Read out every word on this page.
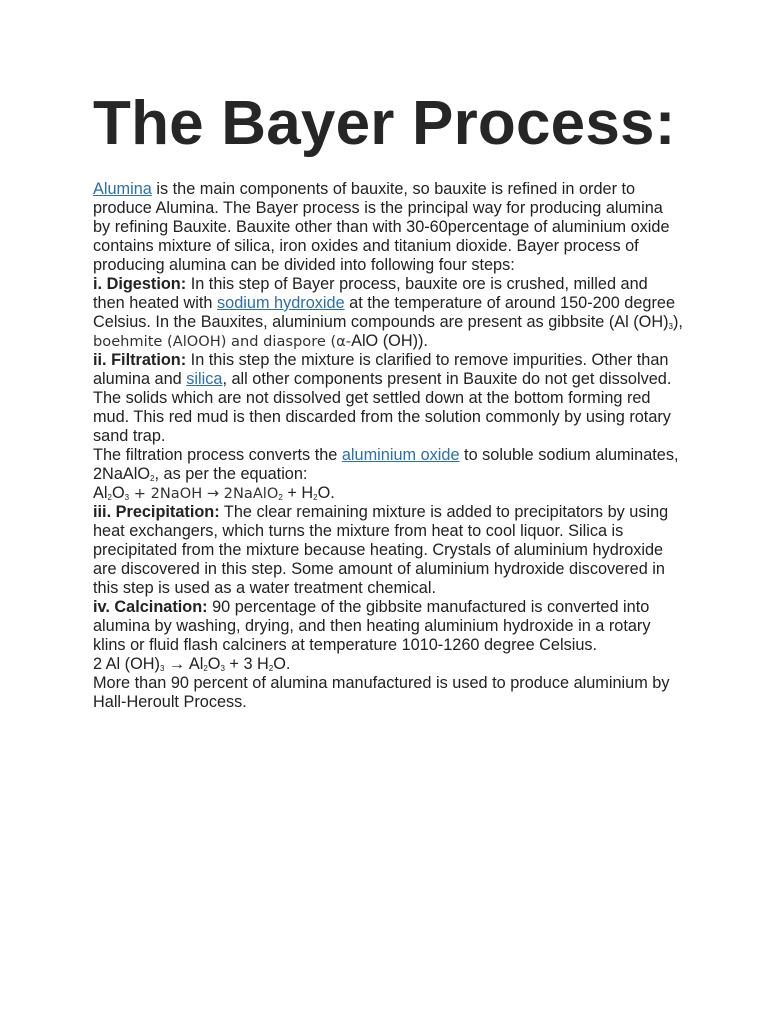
The Bayer Process:

Alumina is the main components of bauxite, so bauxite is refined in order to produce Alumina. The Bayer process is the principal way for producing alumina by refining Bauxite. Bauxite other than with 30-60percentage of aluminium oxide contains mixture of silica, iron oxides and titanium dioxide. Bayer process of producing alumina can be divided into following four steps:

i. Digestion: In this step of Bayer process, bauxite ore is crushed, milled and then heated with sodium hydroxide at the temperature of around 150-200 degree Celsius. In the Bauxites, aluminium compounds are present as gibbsite (Al $(OH)_3$), boehmite (AlOOH) and diaspore (α-AlO (OH)).

ii. Filtration: In this step the mixture is clarified to remove impurities. Other than alumina and silica, all other components present in Bauxite do not get dissolved. The solids which are not dissolved get settled down at the bottom forming red mud. This red mud is then discarded from the solution commonly by using rotary sand trap.

The filtration process converts the aluminium oxide to soluble sodium aluminates, 2NaAlO$_2$, as per the equation:

$Al_2O_3$ + 2NaOH → 2NaAlO$_2$ + $H_2O$.

iii. Precipitation: The clear remaining mixture is added to precipitators by using heat exchangers, which turns the mixture from heat to cool liquor. Silica is precipitated from the mixture because heating. Crystals of aluminium hydroxide are discovered in this step. Some amount of aluminium hydroxide discovered in this step is used as a water treatment chemical.

iv. Calcination: 90 percentage of the gibbsite manufactured is converted into alumina by washing, drying, and then heating aluminium hydroxide in a rotary klins or fluid flash calciners at temperature 1010-1260 degree Celsius.

2 Al $(OH)_3 \to Al_2O_3 + 3$ $H_2O$.

More than 90 percent of alumina manufactured is used to produce aluminium by Hall-Heroult Process.
